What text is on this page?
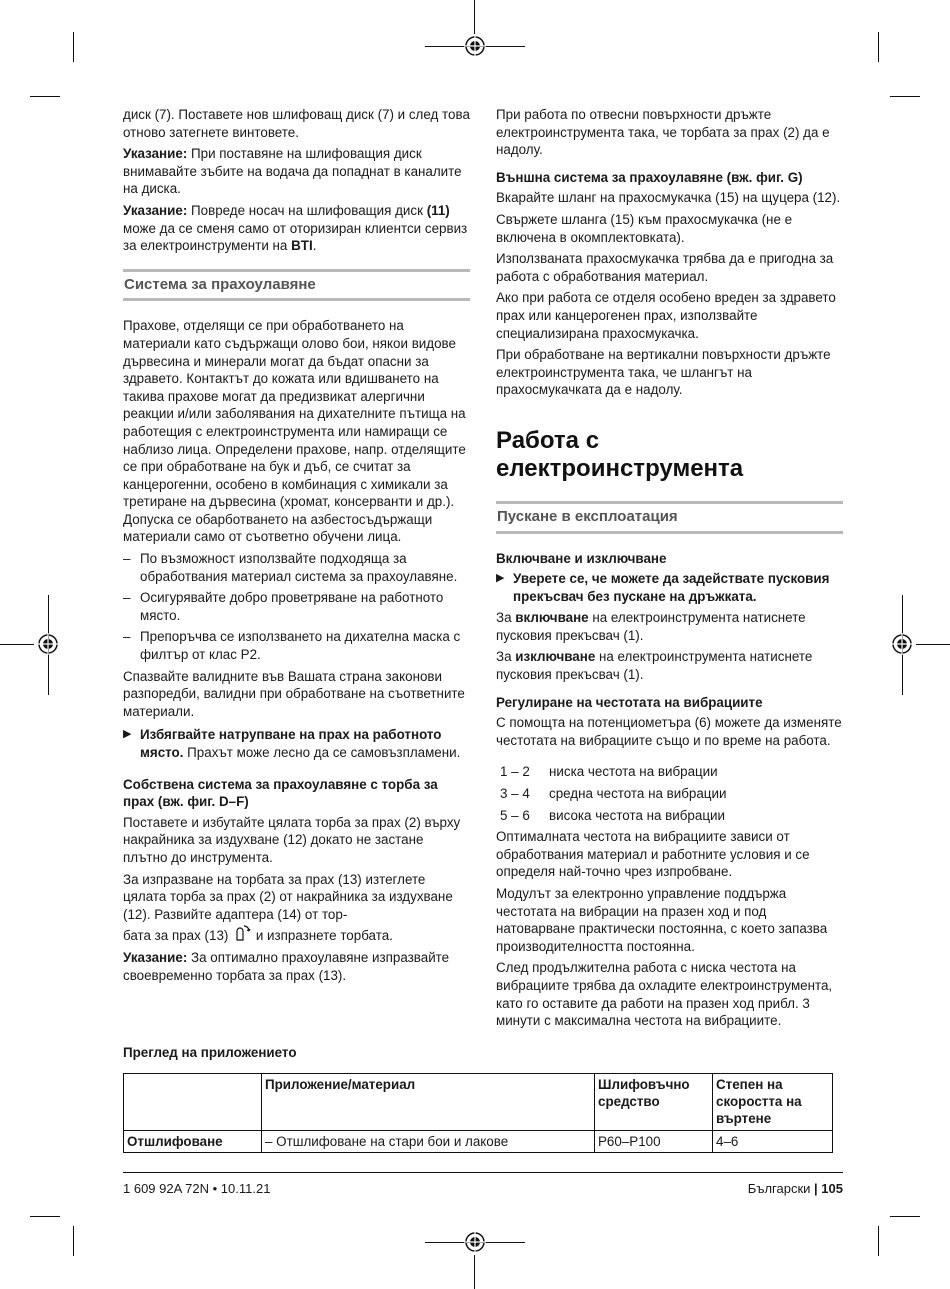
диск (7). Поставете нов шлифоващ диск (7) и след това отново затегнете винтовете.

Указание: При поставяне на шлифоващия диск внимавайте зъбите на водача да попаднат в каналите на диска.

Указание: Повреде носач на шлифоващия диск (11) може да се сменя само от оторизиран клиентси сервиз за електроинструменти на BTI.

Система за прахоулавяне

Прахове, отделящи се при обработването на материали като съдържащи олово бои, някои видове дървесина и минерали могат да бъдат опасни за здравето. Контактът до кожата или вдишването на такива прахове могат да предизвикат алергични реакции и/или заболявания на дихателните пътища на работещия с електроинструмента или намиращи се наблизо лица. Определени прахове, напр. отделящите се при обработване на бук и дъб, се считат за канцерогенни, особено в комбинация с химикали за третиране на дървесина (хромат, консерванти и др.). Допуска се обарботването на азбестосъдържащи материали само от съответно обучени лица.

– По възможност използвайте подходяща за обработвания материал система за прахоулавяне.
– Осигурявайте добро проветряване на работното място.
– Препоръчва се използването на дихателна маска с филтър от клас P2.

Спазвайте валидните във Вашата страна законови разпоредби, валидни при обработване на съответните материали.

▶ Избягвайте натрупване на прах на работното място. Прахът може лесно да се самовъзпламени.
Собствена система за прахоулавяне с торба за прах (вж. фиг. D–F)

Поставете и избутайте цялата торба за прах (2) върху накрайника за издухване (12) докато не застане плътно до инструмента.

За изпразване на торбата за прах (13) изтеглете цялата торба за прах (2) от накрайника за издухване (12). Развийте адаптера (14) от тор-
бата за прах (13)  и изпразнете торбата.

Указание: За оптимално прахоулавяне изпразвайте своевременно торбата за прах (13).

При работа по отвесни повърхности дръжте електроинструмента така, че торбата за прах (2) да е надолу.

Външна система за прахоулавяне (вж. фиг. G)

Вкарайте шланг на прахосмукачка (15) на щуцера (12).

Свържете шланга (15) към прахосмукачка (не е включена в окомплектовката).

Използваната прахосмукачка трябва да е пригодна за работа с обработвания материал.

Ако при работа се отделя особено вреден за здравето прах или канцерогенен прах, използвайте специализирана прахосмукачка.

При обработване на вертикални повърхности дръжте електроинструмента така, че шлангът на прахосмукачката да е надолу.

Работа с електроинструмента
Пускане в експлоатация
Включване и изключване
▶ Уверете се, че можете да задействате пусковия прекъсвач без пускане на дръжката.

За включване на електроинструмента натиснете пусковия прекъсвач (1).

За изключване на електроинструмента натиснете пусковия прекъсвач (1).

Регулиране на честотата на вибрациите

С помощта на потенциометъра (6) можете да изменяте честотата на вибрациите също и по време на работа.

1 – 2	ниска честота на вибрации
3 – 4	средна честота на вибрации
5 – 6	висока честота на вибрации

Оптималната честота на вибрациите зависи от обработвания материал и работните условия и се определя най-точно чрез изпробване.

Модулът за електронно управление поддържа честотата на вибрации на празен ход и под натоварване практически постоянна, с което запазва производителността постоянна.

След продължителна работа с ниска честота на вибрациите трябва да охладите електроинструмента, като го оставите да работи на празен ход прибл. 3 минути с максимална честота на вибрациите.

Преглед на приложението
	Приложение/материал	Шлифовъчно средство	Степен на скоростта на въртене
Отшлифоване	– Отшлифоване на стари бои и лакове	P60–P100	4–6
1 609 92A 72N • 10.11.21	Български | 105
